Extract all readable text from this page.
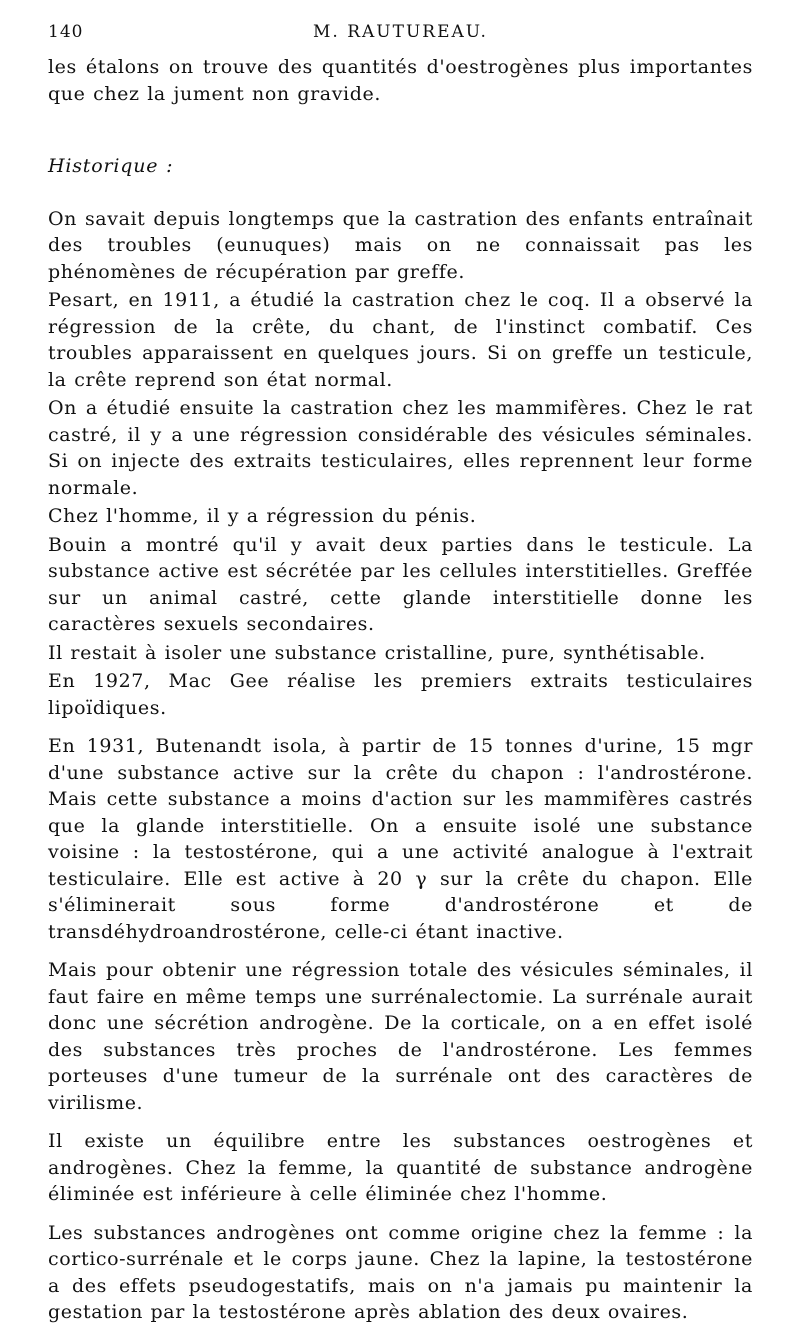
140	M. RAUTUREAU.

les étalons on trouve des quantités d'oestrogènes plus importantes que chez la jument non gravide.

Historique :

On savait depuis longtemps que la castration des enfants entraînait des troubles (eunuques) mais on ne connaissait pas les phénomènes de récupération par greffe.

Pesart, en 1911, a étudié la castration chez le coq. Il a observé la régression de la crête, du chant, de l'instinct combatif. Ces troubles apparaissent en quelques jours. Si on greffe un testicule, la crête reprend son état normal.

On a étudié ensuite la castration chez les mammifères. Chez le rat castré, il y a une régression considérable des vésicules séminales. Si on injecte des extraits testiculaires, elles reprennent leur forme normale.

Chez l'homme, il y a régression du pénis.

Bouin a montré qu'il y avait deux parties dans le testicule. La substance active est sécrétée par les cellules interstitielles. Greffée sur un animal castré, cette glande interstitielle donne les caractères sexuels secondaires.

Il restait à isoler une substance cristalline, pure, synthétisable.

En 1927, Mac Gee réalise les premiers extraits testiculaires lipoïdiques.

En 1931, Butenandt isola, à partir de 15 tonnes d'urine, 15 mgr d'une substance active sur la crête du chapon : l'androstérone. Mais cette substance a moins d'action sur les mammifères castrés que la glande interstitielle. On a ensuite isolé une substance voisine : la testostérone, qui a une activité analogue à l'extrait testiculaire. Elle est active à 20 γ sur la crête du chapon. Elle s'éliminerait sous forme d'androstérone et de transdéhydroandrostérone, celle-ci étant inactive.

Mais pour obtenir une régression totale des vésicules séminales, il faut faire en même temps une surrénalectomie. La surrénale aurait donc une sécrétion androgène. De la corticale, on a en effet isolé des substances très proches de l'androstérone. Les femmes porteuses d'une tumeur de la surrénale ont des caractères de virilisme.

Il existe un équilibre entre les substances oestrogènes et androgènes. Chez la femme, la quantité de substance androgène éliminée est inférieure à celle éliminée chez l'homme.

Les substances androgènes ont comme origine chez la femme : la cortico-surrénale et le corps jaune. Chez la lapine, la testostérone a des effets pseudogestatifs, mais on n'a jamais pu maintenir la gestation par la testostérone après ablation des deux ovaires.
